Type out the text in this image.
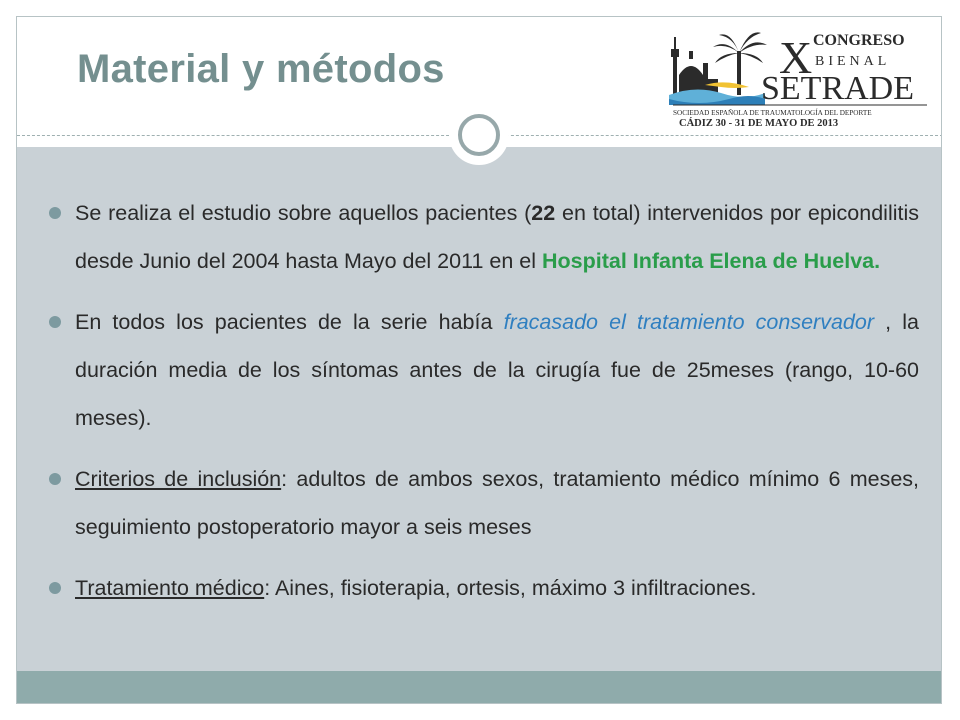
Material y métodos	X CONGRESO
BIENAL
SETRADE
SOCIEDAD ESPAÑOLA DE TRAUMATOLOGÍA DEL DEPORTE
CÁDIZ 30 - 31 DE MAYO DE 2013
Se realiza el estudio sobre aquellos pacientes (22 en total) intervenidos por epicondilitis desde Junio del 2004 hasta Mayo del 2011 en el Hospital Infanta Elena de Huelva.
En todos los pacientes de la serie había fracasado el tratamiento conservador , la duración media de los síntomas antes de la cirugía fue de 25meses (rango, 10-60 meses).
Criterios de inclusión: adultos de ambos sexos, tratamiento médico mínimo 6 meses, seguimiento postoperatorio mayor a seis meses
Tratamiento médico: Aines, fisioterapia, ortesis, máximo 3 infiltraciones.
